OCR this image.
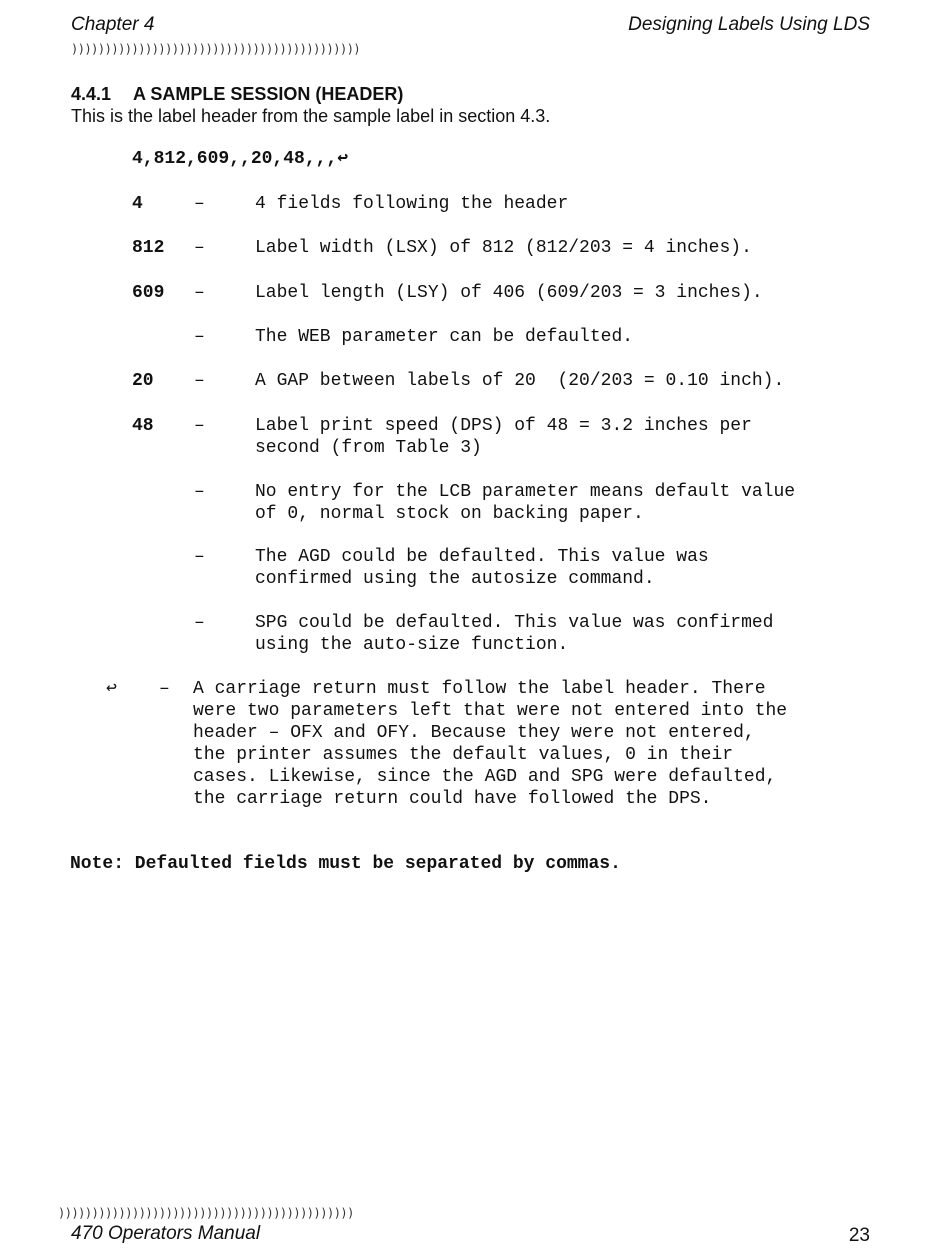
Chapter 4	Designing Labels Using LDS
)))))))))))))))))))))))))))))))))))))))))))
4.4.1 A SAMPLE SESSION (HEADER)
This is the label header from the sample label in section 4.3.
4,812,609,,20,48,,,↩
4	–	4 fields following the header
812 –	Label width (LSX) of 812 (812/203 = 4 inches).
609 –	Label length (LSY) of 406 (609/203 = 3 inches).
–	The WEB parameter can be defaulted.
20 –	A GAP between labels of 20  (20/203 = 0.10 inch).
48 –	Label print speed (DPS) of 48 = 3.2 inches per
second (from Table 3)
–	No entry for the LCB parameter means default value
of 0, normal stock on backing paper.
–	The AGD could be defaulted. This value was
confirmed using the autosize command.
–	SPG could be defaulted. This value was confirmed
using the auto-size function.
↩ – A carriage return must follow the label header. There
were two parameters left that were not entered into the
header – OFX and OFY. Because they were not entered,
the printer assumes the default values, 0 in their
cases. Likewise, since the AGD and SPG were defaulted,
the carriage return could have followed the DPS.
Note: Defaulted fields must be separated by commas.
))))))))))))))))))))))))))))))))))))))))))))
470 Operators Manual	23
